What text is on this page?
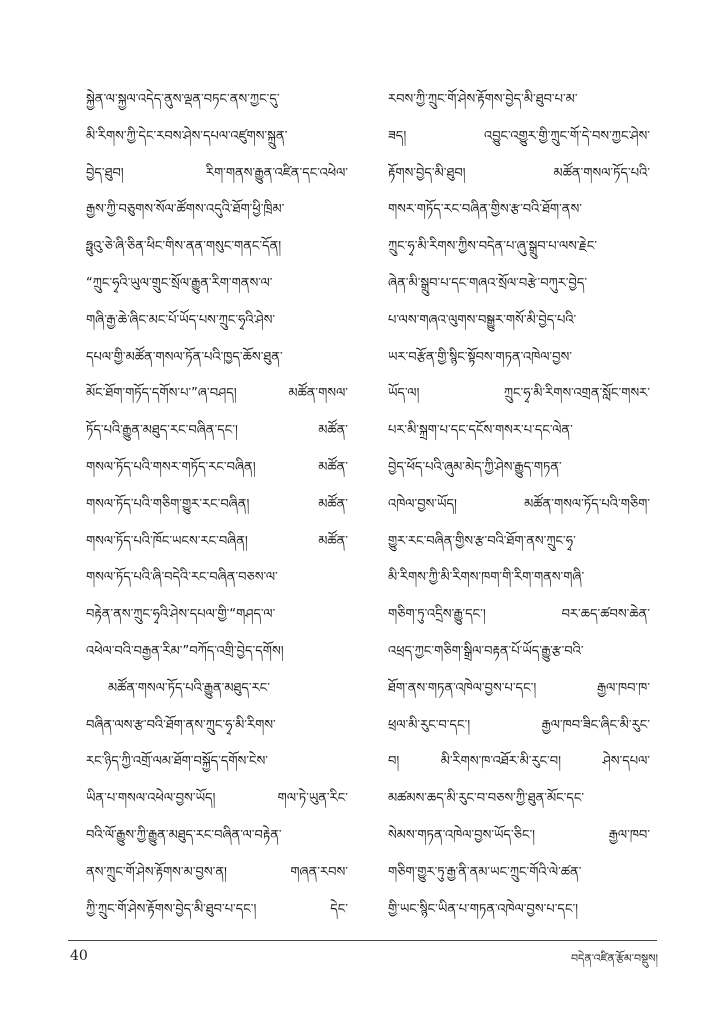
སྐྱེན་ལ་སྐྱལ་འདེད་ནུས་ལྡན་བཏང་ནས་ཀྱང་དུ་
མི་རིགས་ཀྱི་དེང་རབས་ཤེས་དཔལ་འཛུགས་སྐྲུན་
བྱེད་ཐུབ། རིག་གནས་རྒྱུན་འཛིན་དང་འཕེལ་
རྒྱས་ཀྱི་བཅུགས་སོལ་ཚོགས་འདུའི་ཐོག་ཕྱི་ཁྲིམ་
ཧྥུའུ་ཅེ་ཞི་ཅིན་ཕིང་གིས་ནན་གསུང་གནང་དོན།
“ཀྲུང་ཧྭའི་ཡུལ་གྲུང་སྲོལ་རྒྱུན་རིག་གནས་ལ་
གཞི་རྒྱ་ཆེ་ཞིང་མང་པོ་ཡོད་པས་ཀྲུང་ཧྭའི་ཤེས་
དཔལ་གྱི་མཚོན་གསལ་ཏོན་པའི་ཁྱད་ཆོས་ཐུན་
མོང་ཐོག་གཏོད་དགོས་པ་”ཞ་བཤད། མཚོན་གསལ་
ཏོད་པའི་རྒྱུན་མཐུད་རང་བཞིན་དང་། མཚོན་
གསལ་ཏོད་པའི་གསར་གཏོད་རང་བཞིན། མཚོན་
གསལ་ཏོད་པའི་གཅིག་གྱུར་རང་བཞིན། མཚོན་
གསལ་ཏོད་པའི་ཁོང་ཡངས་རང་བཞིན། མཚོན་
གསལ་ཏོད་པའི་ཞི་བདེའི་རང་བཞིན་བཅས་ལ་
བརྟེན་ནས་ཀྲུང་ཧྭའི་ཤེས་དཔལ་གྱི་“གཤད་ལ་
འཕེལ་བའི་བརྒྱན་རིམ་”བཀོད་འགྲི་བྱེད་དགོས།
མཚོན་གསལ་ཏོད་པའི་རྒྱུན་མཐུད་རང་
བཞིན་ལས་རྩ་བའི་ཐོག་ནས་ཀྲུང་ཧྭ་མི་རིགས་
རང་ཉིད་ཀྱི་འགྲོ་ལམ་ཐོག་བསྐྱོད་དགོས་ངེས་
ཡིན་པ་གསལ་འཕེལ་བྱས་ཡོད། གལ་ཏེ་ཡུན་རིང་
བའི་ལོ་རྒྱུས་ཀྱི་རྒྱུན་མཐུད་རང་བཞིན་ལ་བརྟེན་
ནས་ཀྲུང་གོ་ཤེས་རྟོགས་མ་བྱས་ན། གཞན་རབས་
ཀྱི་ཀྲུང་གོ་ཤེས་རྟོགས་བྱེད་མི་ཐུབ་པ་དང་། དེང་
རབས་ཀྱི་ཀྲུང་གོ་ཤེས་རྟོགས་བྱེད་མི་ཐུབ་པ་མ་
ཟད། འབྱུང་འགྱུར་གྱི་ཀྲུང་གོ་དེ་བས་ཀྱང་ཤེས་
རྟོགས་བྱེད་མི་ཐུབ། མཚོན་གསལ་ཏོད་པའི་
གསར་གཏོད་རང་བཞིན་གྱིས་རྩ་བའི་ཐོག་ནས་
ཀྲུང་ཧྭ་མི་རིགས་ཀྱིས་བདེན་པ་ཞུ་སྒྲུབ་པ་ལས་རྗེང་
ཞེན་མི་སྒྲུབ་པ་དང་གཞའ་སྲོལ་བརྩེ་བཀུར་བྱེད་
པ་ལས་གཞའ་ལུགས་བསྒྱུར་གསོ་མི་བྱེད་པའི་
ཡར་བརྩོན་གྱི་སྙིང་སྟོབས་གཏན་འཁེལ་བྱས་
ཡོད་ལ། ཀྲུང་ཧྭ་མི་རིགས་འགྲན་སློང་གསར་
པར་མི་སྐྲག་པ་དང་དངོས་གསར་པ་དང་ལེན་
བྱེད་ཕོད་པའི་ཞུམ་མེད་ཀྱི་ཤེས་རྒྱུད་གཏན་
འཁེལ་བྱས་ཡོད། མཚོན་གསལ་ཏོད་པའི་གཅིག་
གྱུར་རང་བཞིན་གྱིས་རྩ་བའི་ཐོག་ནས་ཀྲུང་ཧྭ་
མི་རིགས་ཀྱི་མི་རིགས་ཁག་གི་རིག་གནས་གཞི་
གཅིག་ཏུ་འདྲིས་རྒྱུ་དང་། བར་ཆད་ཚབས་ཆེན་
འཕྲད་ཀྱང་གཅིག་སྒྲིལ་བརྟན་པོ་ཡོད་རྒྱུ་རྩ་བའི་
ཐོག་ནས་གཏན་འཁེལ་བྱས་པ་དང་། རྒྱལ་ཁབ་ཁ་
ཕྲལ་མི་རུང་བ་དང་། རྒྱལ་ཁབ་ཟིང་ཞིང་མི་རུང་
བ། མི་རིགས་ཁ་འཐོར་མི་རུང་བ། ཤེས་དཔལ་
མཚམས་ཆད་མི་རུང་བ་བཅས་ཀྱི་ཐུན་མོང་དང་
སེམས་གཏན་འཁེལ་བྱས་ཡོད་ཅིང་། རྒྱལ་ཁབ་
གཅིག་གྱུར་ཏུ་རྒྱ་ནི་ནམ་ཡང་ཀྲུང་གོའི་ལེ་ཚན་
གྱི་ཡང་སྙིང་ཡིན་པ་གཏན་འཁེལ་བྱས་པ་དང་།
40	བདེན་འཛིན་རྩོམ་བསྡུས།
